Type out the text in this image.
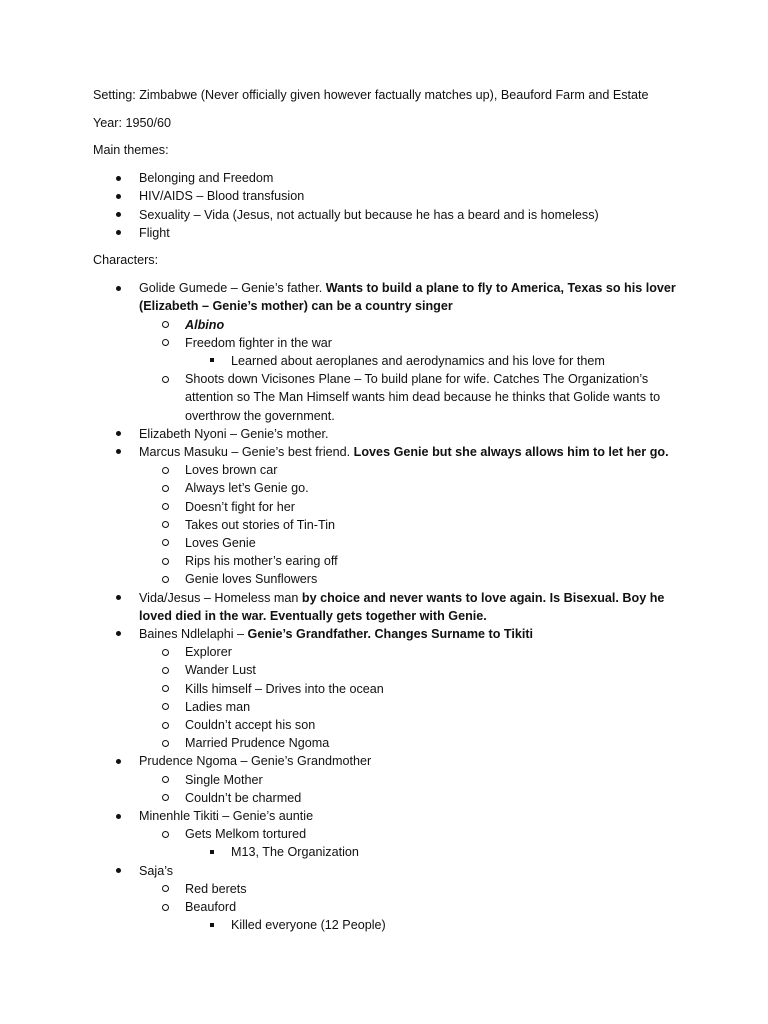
Setting: Zimbabwe (Never officially given however factually matches up), Beauford Farm and Estate

Year: 1950/60

Main themes:

Belonging and Freedom
HIV/AIDS – Blood transfusion
Sexuality – Vida (Jesus, not actually but because he has a beard and is homeless)
Flight

Characters:

Golide Gumede – Genie’s father. Wants to build a plane to fly to America, Texas so his lover (Elizabeth – Genie’s mother) can be a country singer
Albino
Freedom fighter in the war
Learned about aeroplanes and aerodynamics and his love for them
Shoots down Vicisones Plane – To build plane for wife. Catches The Organization’s attention so The Man Himself wants him dead because he thinks that Golide wants to overthrow the government.
Elizabeth Nyoni – Genie’s mother.
Marcus Masuku – Genie’s best friend. Loves Genie but she always allows him to let her go.
Loves brown car
Always let’s Genie go.
Doesn’t fight for her
Takes out stories of Tin-Tin
Loves Genie
Rips his mother’s earing off
Genie loves Sunflowers
Vida/Jesus – Homeless man by choice and never wants to love again. Is Bisexual. Boy he loved died in the war. Eventually gets together with Genie.
Baines Ndlelaphi – Genie’s Grandfather. Changes Surname to Tikiti
Explorer
Wander Lust
Kills himself – Drives into the ocean
Ladies man
Couldn’t accept his son
Married Prudence Ngoma
Prudence Ngoma – Genie’s Grandmother
Single Mother
Couldn’t be charmed
Minenhle Tikiti – Genie’s auntie
Gets Melkom tortured
M13, The Organization
Saja’s
Red berets
Beauford
Killed everyone (12 People)
